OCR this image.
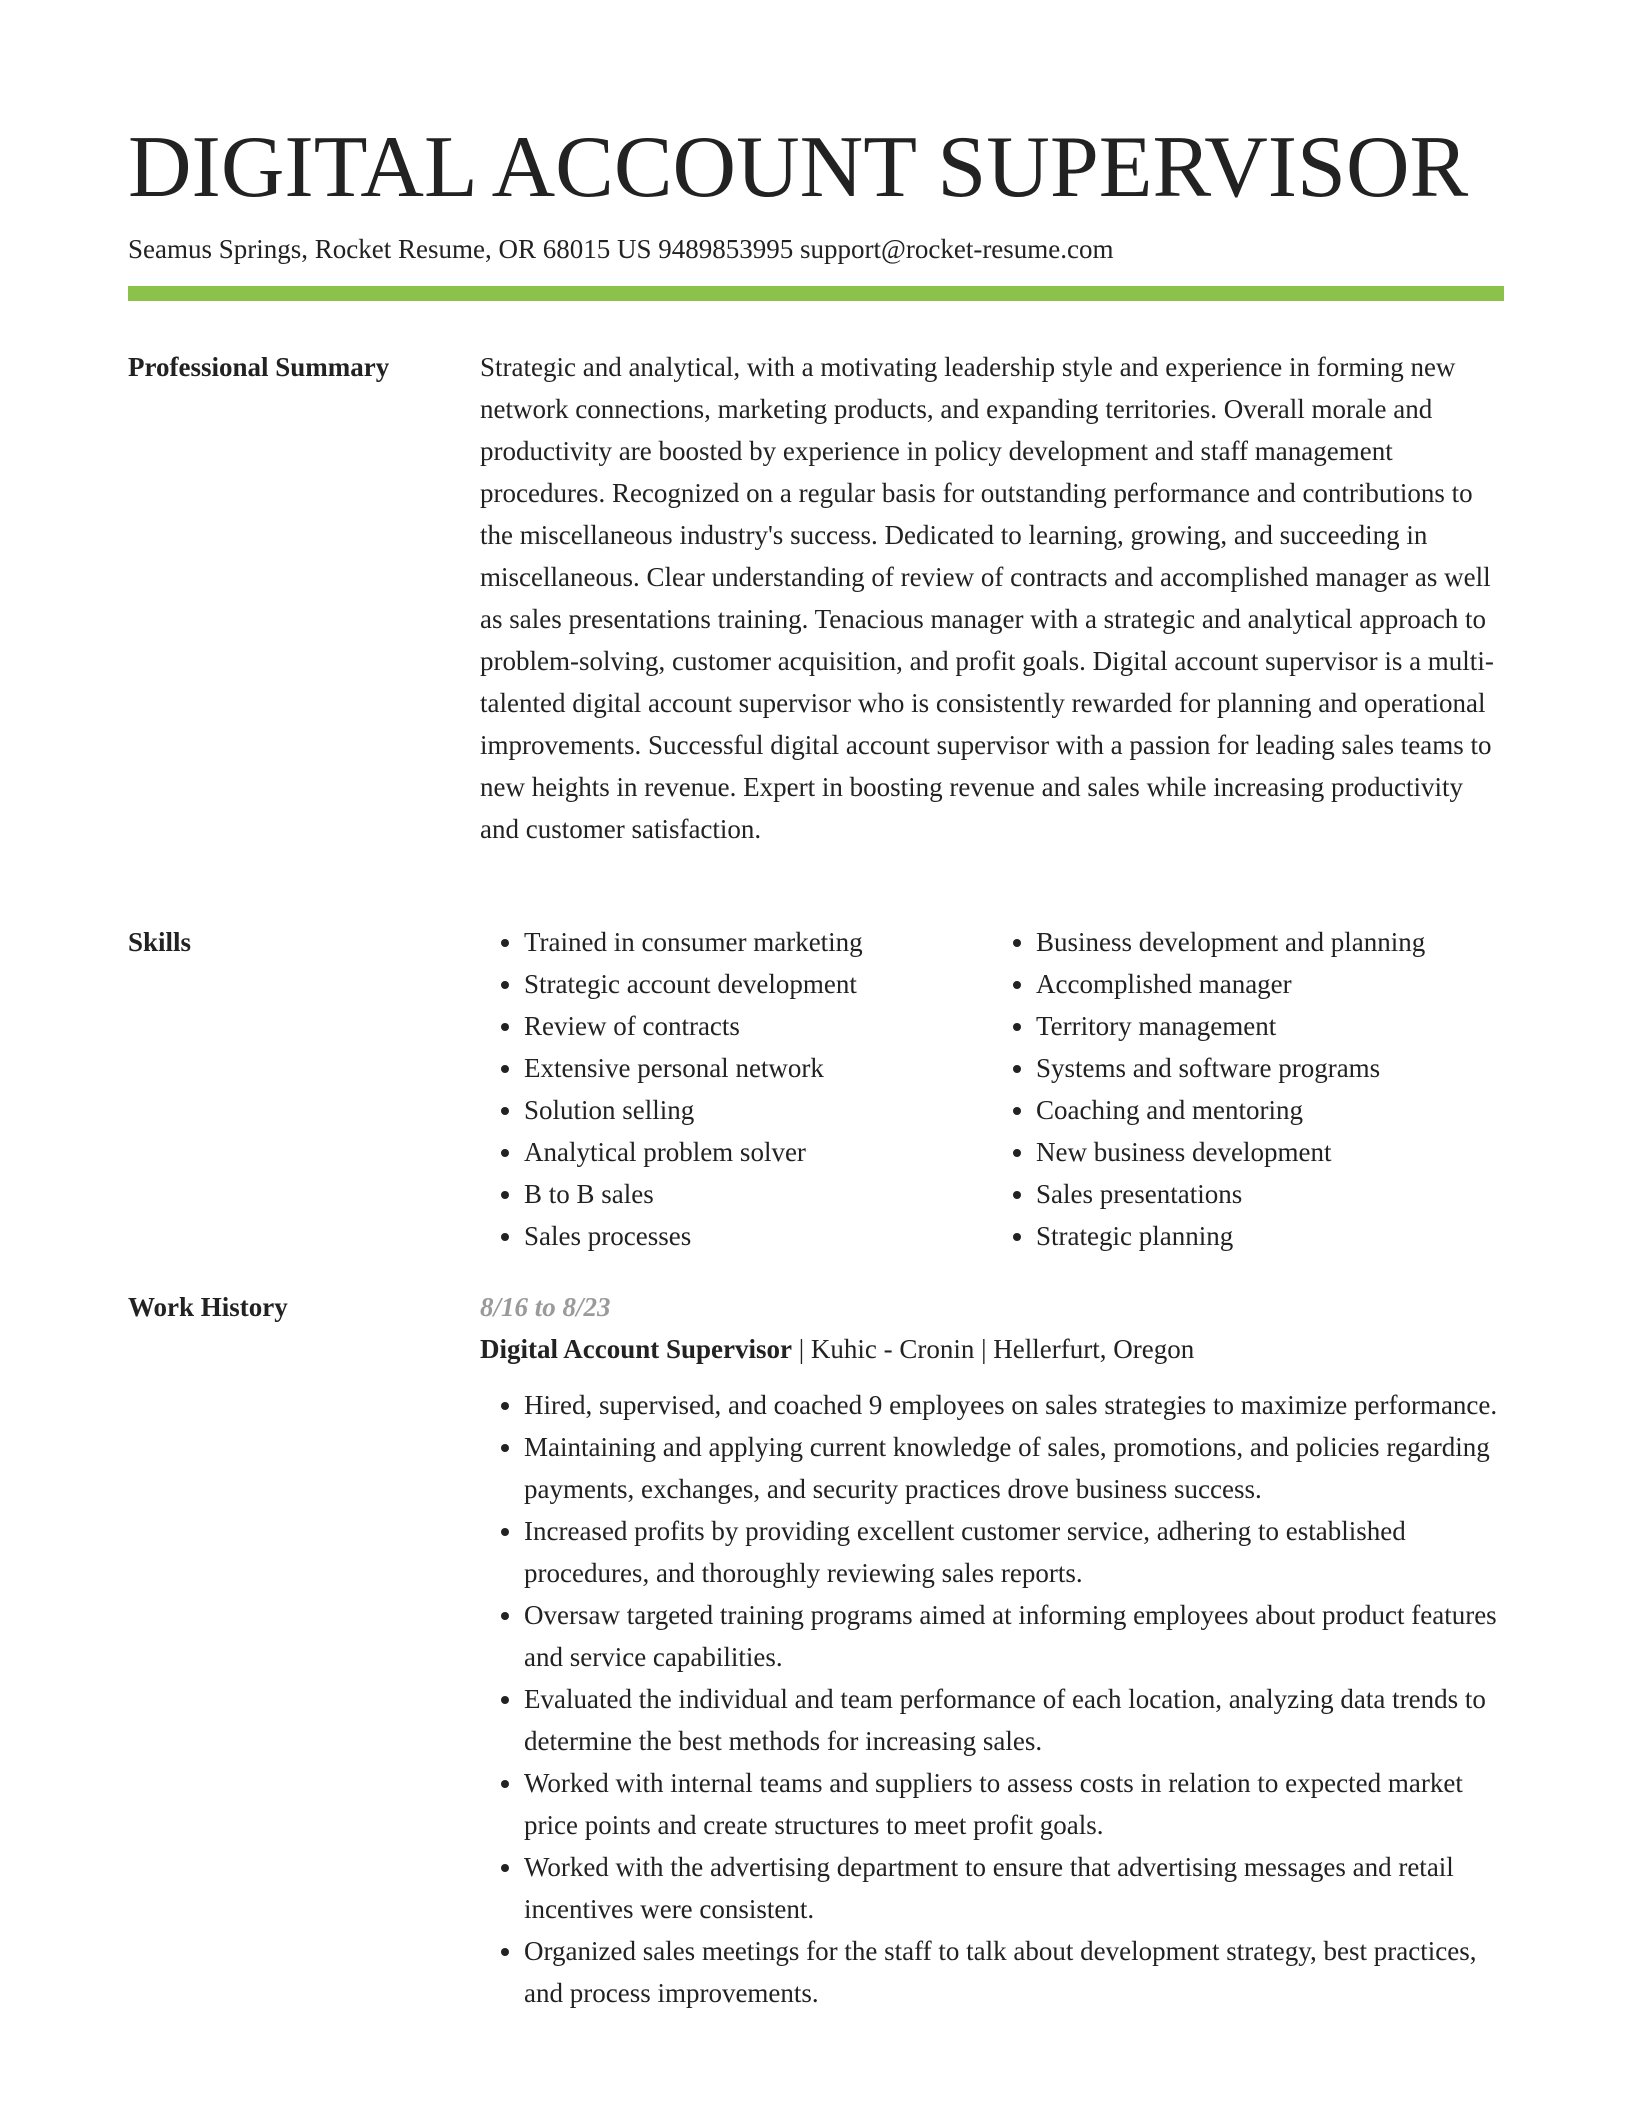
DIGITAL ACCOUNT SUPERVISOR
Seamus Springs, Rocket Resume, OR 68015 US 9489853995 support@rocket-resume.com
Professional Summary	Strategic and analytical, with a motivating leadership style and experience in forming new network connections, marketing products, and expanding territories. Overall morale and productivity are boosted by experience in policy development and staff management procedures. Recognized on a regular basis for outstanding performance and contributions to the miscellaneous industry's success. Dedicated to learning, growing, and succeeding in miscellaneous. Clear understanding of review of contracts and accomplished manager as well as sales presentations training. Tenacious manager with a strategic and analytical approach to problem-solving, customer acquisition, and profit goals. Digital account supervisor is a multi-talented digital account supervisor who is consistently rewarded for planning and operational improvements. Successful digital account supervisor with a passion for leading sales teams to new heights in revenue. Expert in boosting revenue and sales while increasing productivity and customer satisfaction.

Skills
•	Trained in consumer marketing
• Strategic account development
• Review of contracts
• Extensive personal network
• Solution selling
• Analytical problem solver
• B to B sales
• Sales processes
• Business development and planning
• Accomplished manager
• Territory management
• Systems and software programs
• Coaching and mentoring
• New business development
• Sales presentations
• Strategic planning
Work History	8/16 to 8/23
Digital Account Supervisor | Kuhic - Cronin | Hellerfurt, Oregon
• Hired, supervised, and coached 9 employees on sales strategies to maximize performance.
• Maintaining and applying current knowledge of sales, promotions, and policies regarding payments, exchanges, and security practices drove business success.
• Increased profits by providing excellent customer service, adhering to established procedures, and thoroughly reviewing sales reports.
• Oversaw targeted training programs aimed at informing employees about product features and service capabilities.
• Evaluated the individual and team performance of each location, analyzing data trends to determine the best methods for increasing sales.
• Worked with internal teams and suppliers to assess costs in relation to expected market price points and create structures to meet profit goals.
• Worked with the advertising department to ensure that advertising messages and retail incentives were consistent.
• Organized sales meetings for the staff to talk about development strategy, best practices, and process improvements.
